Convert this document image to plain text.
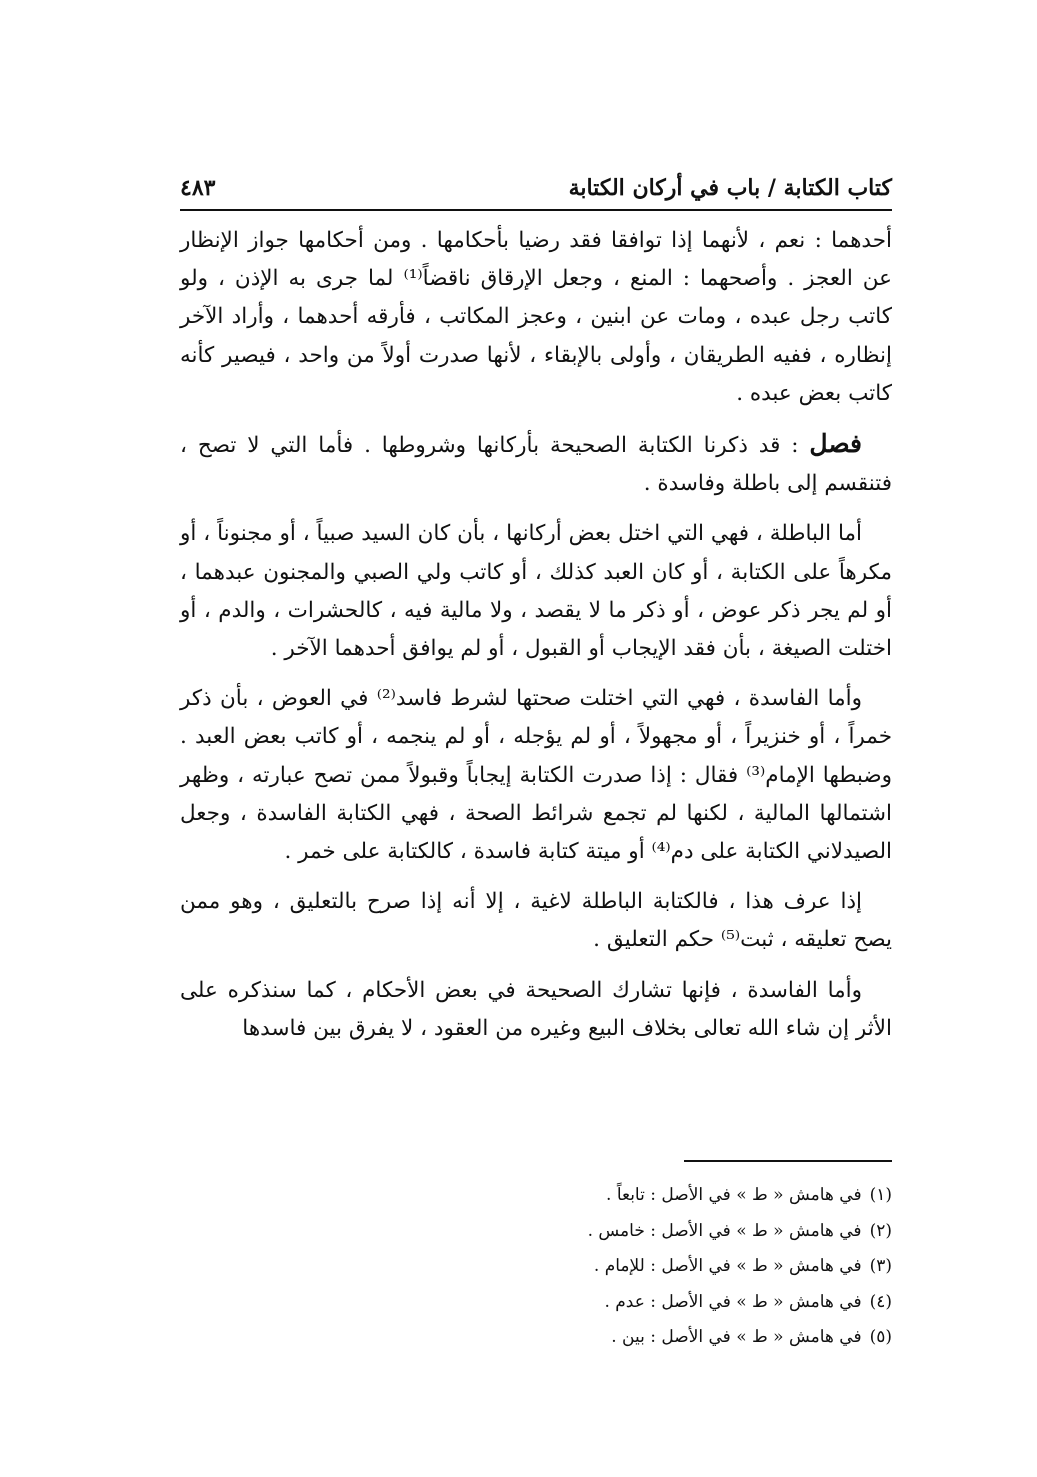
كتاب الكتابة / باب في أركان الكتابة
٤٨٣

أحدهما : نعم ، لأنهما إذا توافقا فقد رضيا بأحكامها . ومن أحكامها جواز الإنظار عن العجز . وأصحهما : المنع ، وجعل الإرقاق ناقضاً⁽¹⁾ لما جرى به الإذن ، ولو كاتب رجل عبده ، ومات عن ابنين ، وعجز المكاتب ، فأرقه أحدهما ، وأراد الآخر إنظاره ، ففيه الطريقان ، وأولى بالإبقاء ، لأنها صدرت أولاً من واحد ، فيصير كأنه كاتب بعض عبده .

فصل : قد ذكرنا الكتابة الصحيحة بأركانها وشروطها . فأما التي لا تصح ، فتنقسم إلى باطلة وفاسدة .

أما الباطلة ، فهي التي اختل بعض أركانها ، بأن كان السيد صبياً ، أو مجنوناً ، أو مكرهاً على الكتابة ، أو كان العبد كذلك ، أو كاتب ولي الصبي والمجنون عبدهما ، أو لم يجر ذكر عوض ، أو ذكر ما لا يقصد ، ولا مالية فيه ، كالحشرات ، والدم ، أو اختلت الصيغة ، بأن فقد الإيجاب أو القبول ، أو لم يوافق أحدهما الآخر .

وأما الفاسدة ، فهي التي اختلت صحتها لشرط فاسد⁽²⁾ في العوض ، بأن ذكر خمراً ، أو خنزيراً ، أو مجهولاً ، أو لم يؤجله ، أو لم ينجمه ، أو كاتب بعض العبد . وضبطها الإمام⁽³⁾ فقال : إذا صدرت الكتابة إيجاباً وقبولاً ممن تصح عبارته ، وظهر اشتمالها المالية ، لكنها لم تجمع شرائط الصحة ، فهي الكتابة الفاسدة ، وجعل الصيدلاني الكتابة على دم⁽⁴⁾ أو ميتة كتابة فاسدة ، كالكتابة على خمر .

إذا عرف هذا ، فالكتابة الباطلة لاغية ، إلا أنه إذا صرح بالتعليق ، وهو ممن يصح تعليقه ، ثبت⁽⁵⁾ حكم التعليق .

وأما الفاسدة ، فإنها تشارك الصحيحة في بعض الأحكام ، كما سنذكره على الأثر إن شاء الله تعالى بخلاف البيع وغيره من العقود ، لا يفرق بين فاسدها

(١)في هامش « ط » في الأصل : تابعاً .
(٢)في هامش « ط » في الأصل : خامس .
(٣)في هامش « ط » في الأصل : للإمام .
(٤)في هامش « ط » في الأصل : عدم .
(٥)في هامش « ط » في الأصل : بين .
